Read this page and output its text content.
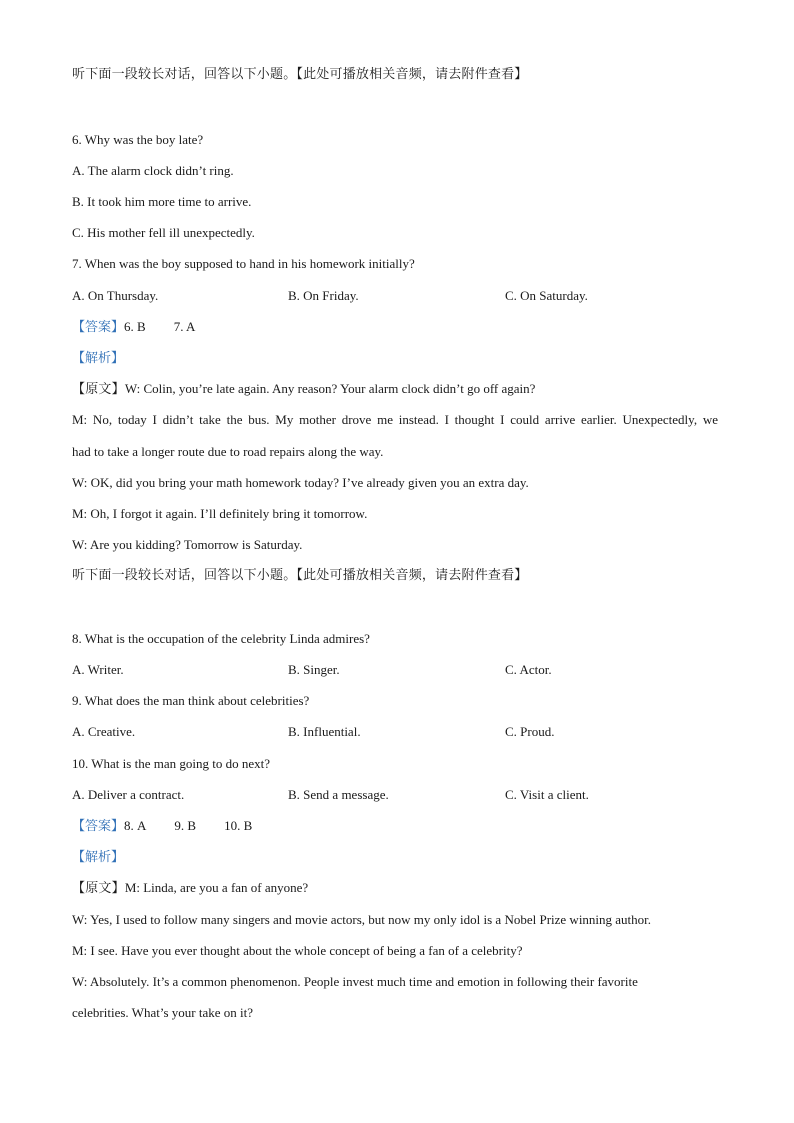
听下面一段较长对话，回答以下小题。【此处可播放相关音频，请去附件查看】
6. Why was the boy late?
A. The alarm clock didn’t ring.
B. It took him more time to arrive.
C. His mother fell ill unexpectedly.
7. When was the boy supposed to hand in his homework initially?
A. On Thursday.	B. On Friday.	C. On Saturday.
【答案】6. B 7. A
【解析】
【原文】W: Colin, you’re late again. Any reason? Your alarm clock didn’t go off again?
M: No, today I didn’t take the bus. My mother drove me instead. I thought I could arrive earlier. Unexpectedly, we
had to take a longer route due to road repairs along the way.
W: OK, did you bring your math homework today? I’ve already given you an extra day.
M: Oh, I forgot it again. I’ll definitely bring it tomorrow.
W: Are you kidding? Tomorrow is Saturday.
听下面一段较长对话，回答以下小题。【此处可播放相关音频，请去附件查看】
8. What is the occupation of the celebrity Linda admires?
A. Writer.	B. Singer.	C. Actor.
9. What does the man think about celebrities?
A. Creative.	B. Influential.	C. Proud.
10. What is the man going to do next?
A. Deliver a contract.	B. Send a message.	C. Visit a client.
【答案】8. A 9. B 10. B
【解析】
【原文】M: Linda, are you a fan of anyone?
W: Yes, I used to follow many singers and movie actors, but now my only idol is a Nobel Prize winning author.
M: I see. Have you ever thought about the whole concept of being a fan of a celebrity?
W: Absolutely. It’s a common phenomenon. People invest much time and emotion in following their favorite
celebrities. What’s your take on it?
